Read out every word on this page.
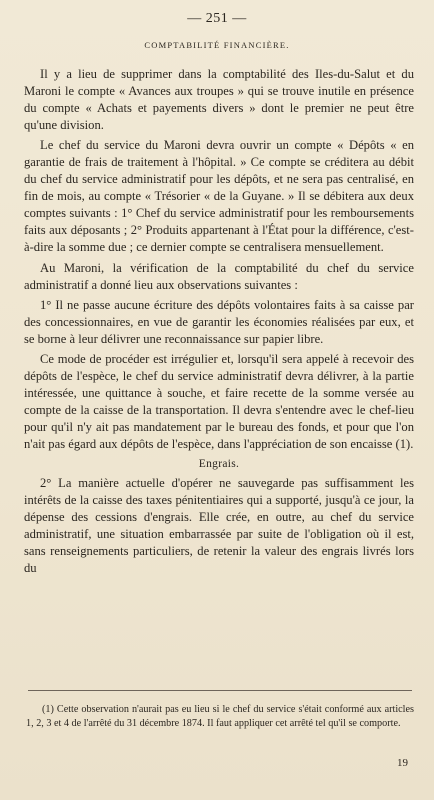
— 251 —
COMPTABILITÉ FINANCIÈRE.

Il y a lieu de supprimer dans la comptabilité des Iles-du-Salut et du Maroni le compte « Avances aux troupes » qui se trouve inutile en présence du compte « Achats et payements divers » dont le premier ne peut être qu'une division.

Le chef du service du Maroni devra ouvrir un compte « Dépôts « en garantie de frais de traitement à l'hôpital. » Ce compte se créditera au débit du chef du service administratif pour les dépôts, et ne sera pas centralisé, en fin de mois, au compte « Trésorier « de la Guyane. » Il se débitera aux deux comptes suivants : 1° Chef du service administratif pour les remboursements faits aux déposants ; 2° Produits appartenant à l'État pour la différence, c'est-à-dire la somme due ; ce dernier compte se centralisera mensuellement.

Au Maroni, la vérification de la comptabilité du chef du service administratif a donné lieu aux observations suivantes :

1° Il ne passe aucune écriture des dépôts volontaires faits à sa caisse par des concessionnaires, en vue de garantir les économies réalisées par eux, et se borne à leur délivrer une reconnaissance sur papier libre.

Ce mode de procéder est irrégulier et, lorsqu'il sera appelé à recevoir des dépôts de l'espèce, le chef du service administratif devra délivrer, à la partie intéressée, une quittance à souche, et faire recette de la somme versée au compte de la caisse de la transportation. Il devra s'entendre avec le chef-lieu pour qu'il n'y ait pas mandatement par le bureau des fonds, et pour que l'on n'ait pas égard aux dépôts de l'espèce, dans l'appréciation de son encaisse (1).

Engrais.

2° La manière actuelle d'opérer ne sauvegarde pas suffisamment les intérêts de la caisse des taxes pénitentiaires qui a supporté, jusqu'à ce jour, la dépense des cessions d'engrais. Elle crée, en outre, au chef du service administratif, une situation embarrassée par suite de l'obligation où il est, sans renseignements particuliers, de retenir la valeur des engrais livrés lors du

(1) Cette observation n'aurait pas eu lieu si le chef du service s'était conformé aux articles 1, 2, 3 et 4 de l'arrêté du 31 décembre 1874. Il faut appliquer cet arrêté tel qu'il se comporte.

19
